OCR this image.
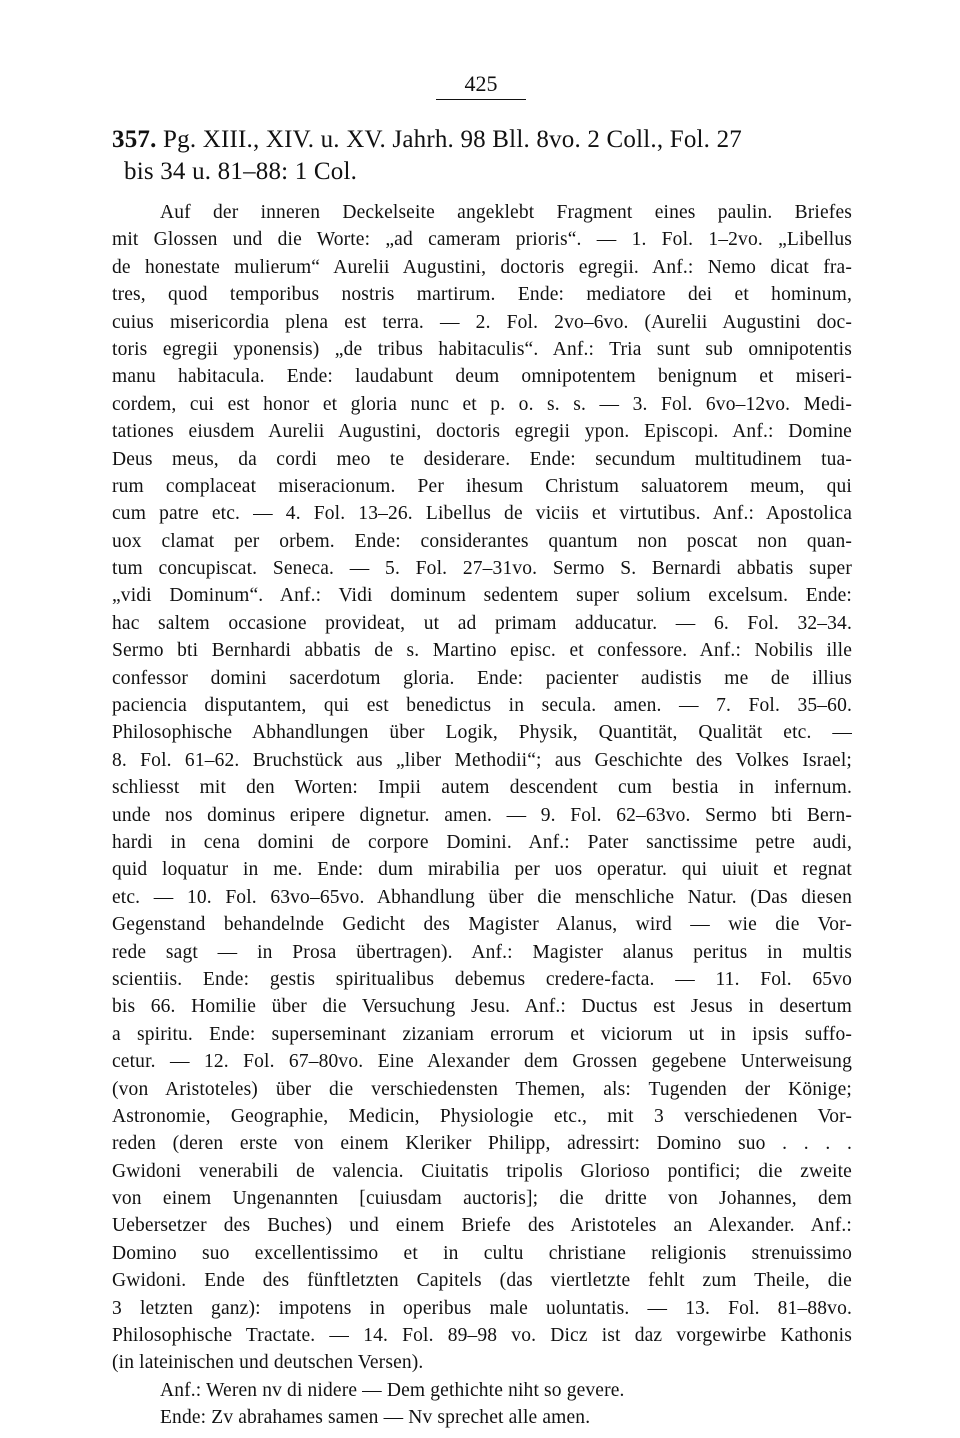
425
357. Pg. XIII., XIV. u. XV. Jahrh. 98 Bll. 8vo. 2 Coll., Fol. 27
bis 34 u. 81–88: 1 Col.
Auf der inneren Deckelseite angeklebt Fragment eines paulin. Briefes
mit Glossen und die Worte: „ad cameram prioris“. — 1. Fol. 1–2vo. „Libellus
de honestate mulierum“ Aurelii Augustini, doctoris egregii. Anf.: Nemo dicat fra-
tres, quod temporibus nostris martirum. Ende: mediatore dei et hominum,
cuius misericordia plena est terra. — 2. Fol. 2vo–6vo. (Aurelii Augustini doc-
toris egregii yponensis) „de tribus habitaculis“. Anf.: Tria sunt sub omnipotentis
manu habitacula. Ende: laudabunt deum omnipotentem benignum et miseri-
cordem, cui est honor et gloria nunc et p. o. s. s. — 3. Fol. 6vo–12vo. Medi-
tationes eiusdem Aurelii Augustini, doctoris egregii ypon. Episcopi. Anf.: Domine
Deus meus, da cordi meo te desiderare. Ende: secundum multitudinem tua-
rum complaceat miseracionum. Per ihesum Christum saluatorem meum, qui
cum patre etc. — 4. Fol. 13–26. Libellus de viciis et virtutibus. Anf.: Apostolica
uox clamat per orbem. Ende: considerantes quantum non poscat non quan-
tum concupiscat. Seneca. — 5. Fol. 27–31vo. Sermo S. Bernardi abbatis super
„vidi Dominum“. Anf.: Vidi dominum sedentem super solium excelsum. Ende:
hac saltem occasione provideat, ut ad primam adducatur. — 6. Fol. 32–34.
Sermo bti Bernhardi abbatis de s. Martino episc. et confessore. Anf.: Nobilis ille
confessor domini sacerdotum gloria. Ende: pacienter audistis me de illius
paciencia disputantem, qui est benedictus in secula. amen. — 7. Fol. 35–60.
Philosophische Abhandlungen über Logik, Physik, Quantität, Qualität etc. —
8. Fol. 61–62. Bruchstück aus „liber Methodii“; aus Geschichte des Volkes Israel;
schliesst mit den Worten: Impii autem descendent cum bestia in infernum.
unde nos dominus eripere dignetur. amen. — 9. Fol. 62–63vo. Sermo bti Bern-
hardi in cena domini de corpore Domini. Anf.: Pater sanctissime petre audi,
quid loquatur in me. Ende: dum mirabilia per uos operatur. qui uiuit et regnat
etc. — 10. Fol. 63vo–65vo. Abhandlung über die menschliche Natur. (Das diesen
Gegenstand behandelnde Gedicht des Magister Alanus, wird — wie die Vor-
rede sagt — in Prosa übertragen). Anf.: Magister alanus peritus in multis
scientiis. Ende: gestis spiritualibus debemus credere-facta. — 11. Fol. 65vo
bis 66. Homilie über die Versuchung Jesu. Anf.: Ductus est Jesus in desertum
a spiritu. Ende: superseminant zizaniam errorum et viciorum ut in ipsis suffo-
cetur. — 12. Fol. 67–80vo. Eine Alexander dem Grossen gegebene Unterweisung
(von Aristoteles) über die verschiedensten Themen, als: Tugenden der Könige;
Astronomie, Geographie, Medicin, Physiologie etc., mit 3 verschiedenen Vor-
reden (deren erste von einem Kleriker Philipp, adressirt: Domino suo . . . .
Gwidoni venerabili de valencia. Ciuitatis tripolis Glorioso pontifici; die zweite
von einem Ungenannten [cuiusdam auctoris]; die dritte von Johannes, dem
Uebersetzer des Buches) und einem Briefe des Aristoteles an Alexander. Anf.:
Domino suo excellentissimo et in cultu christiane religionis strenuissimo
Gwidoni. Ende des fünftletzten Capitels (das viertletzte fehlt zum Theile, die
3 letzten ganz): impotens in operibus male uoluntatis. — 13. Fol. 81–88vo.
Philosophische Tractate. — 14. Fol. 89–98 vo. Dicz ist daz vorgewirbe Kathonis
(in lateinischen und deutschen Versen).
Anf.: Weren nv di nidere — Dem gethichte niht so gevere.
Ende: Zv abrahames samen — Nv sprechet alle amen.
